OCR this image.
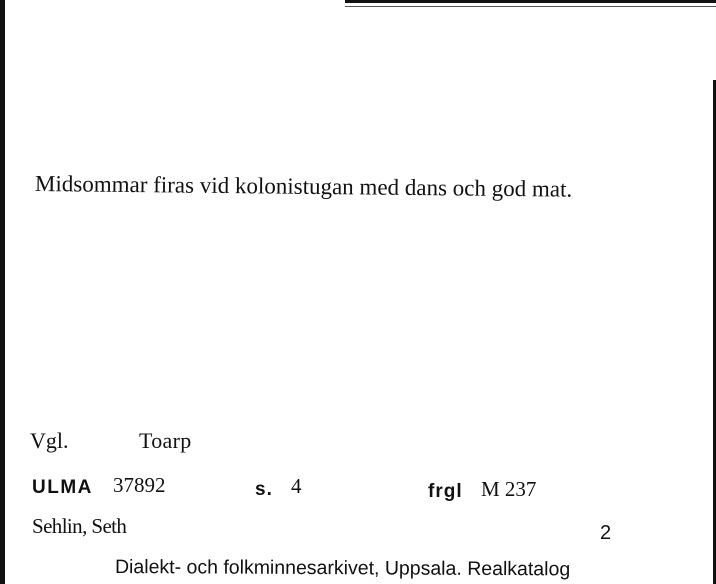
Midsommar firas vid kolonistugan med dans och god mat.
Vgl.	Toarp
ULMA 37892	s. 4	frgl M 237
Sehlin, Seth	2
Dialekt- och folkminnesarkivet, Uppsala. Realkatalog
